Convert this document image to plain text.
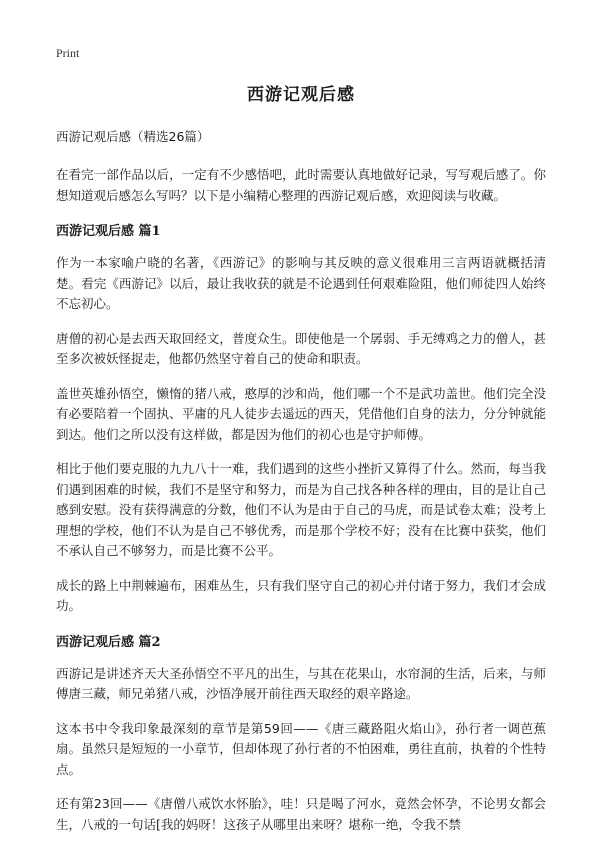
Print
西游记观后感
西游记观后感（精选26篇）

在看完一部作品以后，一定有不少感悟吧，此时需要认真地做好记录，写写观后感了。你想知道观后感怎么写吗？以下是小编精心整理的西游记观后感，欢迎阅读与收藏。

西游记观后感 篇1

作为一本家喻户晓的名著，《西游记》的影响与其反映的意义很难用三言两语就概括清楚。看完《西游记》以后，最让我收获的就是不论遇到任何艰难险阻，他们师徒四人始终不忘初心。

唐僧的初心是去西天取回经文，普度众生。即使他是一个孱弱、手无缚鸡之力的僧人，甚至多次被妖怪捉走，他都仍然坚守着自己的使命和职责。

盖世英雄孙悟空，懒惰的猪八戒，憨厚的沙和尚，他们哪一个不是武功盖世。他们完全没有必要陪着一个固执、平庸的凡人徒步去遥远的西天，凭借他们自身的法力，分分钟就能到达。他们之所以没有这样做，都是因为他们的初心也是守护师傅。

相比于他们要克服的九九八十一难，我们遇到的这些小挫折又算得了什么。然而，每当我们遇到困难的时候，我们不是坚守和努力，而是为自己找各种各样的理由，目的是让自己感到安慰。没有获得满意的分数，他们不认为是由于自己的马虎，而是试卷太难；没考上理想的学校，他们不认为是自己不够优秀，而是那个学校不好；没有在比赛中获奖，他们不承认自己不够努力，而是比赛不公平。

成长的路上中荆棘遍布，困难丛生，只有我们坚守自己的初心并付诸于努力，我们才会成功。

西游记观后感 篇2

西游记是讲述齐天大圣孙悟空不平凡的出生，与其在花果山，水帘洞的生活，后来，与师傅唐三藏，师兄弟猪八戒，沙悟净展开前往西天取经的艰辛路途。

这本书中令我印象最深刻的章节是第59回——《唐三藏路阻火焰山》，孙行者一调芭蕉扇。虽然只是短短的一小章节，但却体现了孙行者的不怕困难，勇往直前，执着的个性特点。

还有第23回——《唐僧八戒饮水怀胎》，哇！只是喝了河水，竟然会怀孕，不论男女都会生，八戒的一句话[我的妈呀！这孩子从哪里出来呀？堪称一绝，令我不禁
